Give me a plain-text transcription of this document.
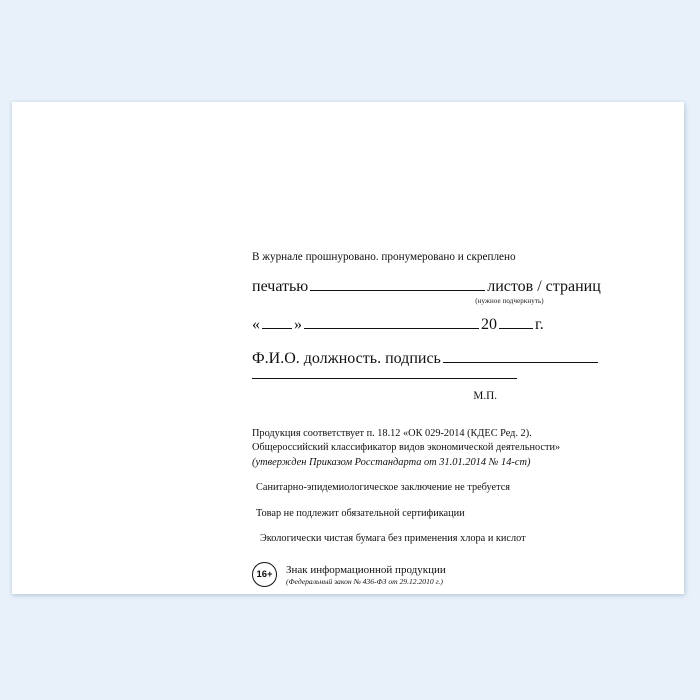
В журнале прошнуровано. пронумеровано и скреплено
печатью	листов / страниц
(нужное подчеркнуть)
« »	20 г.
Ф.И.О. должность. подпись
М.П.
Продукция соответствует п. 18.12 «ОК 029-2014 (КДЕС Ред. 2).
Общероссийский классификатор видов экономической деятельности»
(утвержден Приказом Росстандарта от 31.01.2014 № 14-ст)
Санитарно-эпидемиологическое заключение не требуется
Товар не подлежит обязательной сертификации
Экологически чистая бумага без применения хлора и кислот
16+	Знак информационной продукции
(Федеральный закон № 436-ФЗ от 29.12.2010 г.)
